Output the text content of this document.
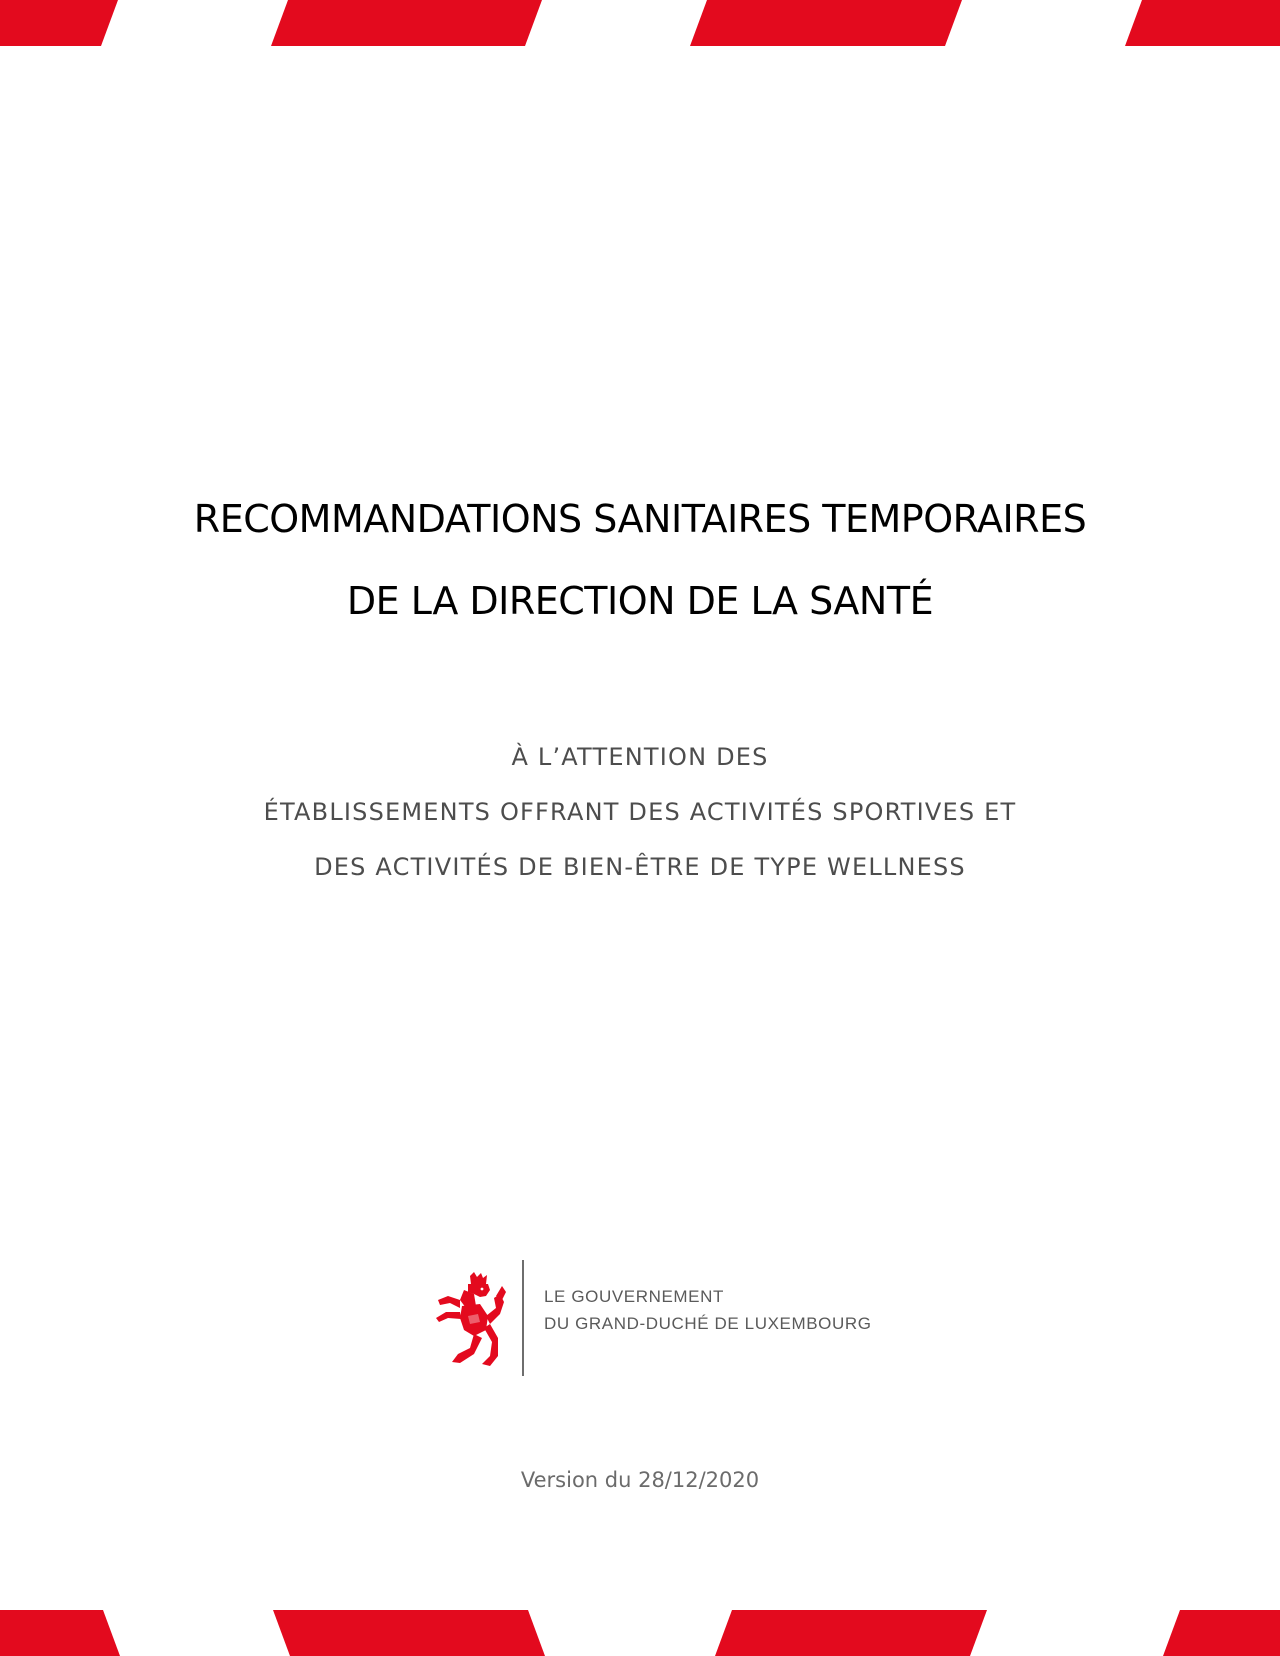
RECOMMANDATIONS SANITAIRES TEMPORAIRES
DE LA DIRECTION DE LA SANTÉ
À L’ATTENTION DES
ÉTABLISSEMENTS OFFRANT DES ACTIVITÉS SPORTIVES ET
DES ACTIVITÉS DE BIEN-ÊTRE DE TYPE WELLNESS
LE GOUVERNEMENT
DU GRAND-DUCHÉ DE LUXEMBOURG
Version du 28/12/2020
